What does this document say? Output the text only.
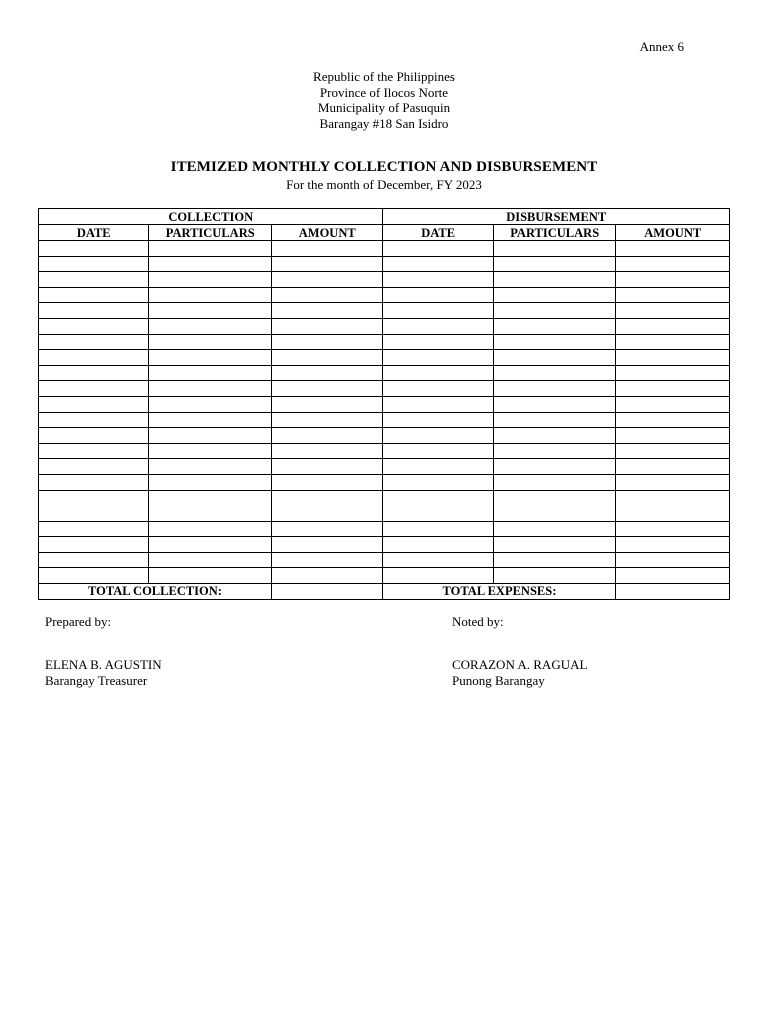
Annex 6
Republic of the Philippines
Province of Ilocos Norte
Municipality of Pasuquin
Barangay #18 San Isidro
ITEMIZED MONTHLY COLLECTION AND DISBURSEMENT
For the month of December, FY 2023
COLLECTION			DISBURSEMENT		
DATE	PARTICULARS	AMOUNT	DATE	PARTICULARS	AMOUNT

TOTAL COLLECTION:			TOTAL EXPENSES:		
Prepared by:	Noted by:
ELENA B. AGUSTIN
Barangay Treasurer
CORAZON A. RAGUAL
Punong Barangay
